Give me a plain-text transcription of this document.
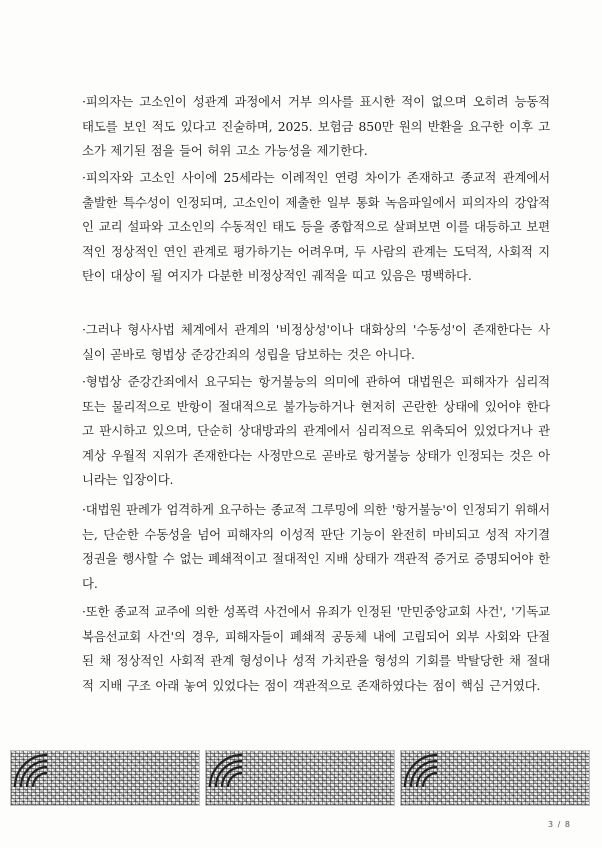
·피의자는 고소인이 성관계 과정에서 거부 의사를 표시한 적이 없으며 오히려 능동적 태도를 보인 적도 있다고 진술하며, 2025. 보험금 850만 원의 반환을 요구한 이후 고소가 제기된 점을 들어 허위 고소 가능성을 제기한다.

·피의자와 고소인 사이에 25세라는 이례적인 연령 차이가 존재하고 종교적 관계에서 출발한 특수성이 인정되며, 고소인이 제출한 일부 통화 녹음파일에서 피의자의 강압적인 교리 설파와 고소인의 수동적인 태도 등을 종합적으로 살펴보면 이를 대등하고 보편적인 정상적인 연인 관계로 평가하기는 어려우며, 두 사람의 관계는 도덕적, 사회적 지탄이 대상이 될 여지가 다분한 비정상적인 궤적을 띠고 있음은 명백하다.

·그러나 형사사법 체계에서 관계의 '비정상성'이나 대화상의 '수동성'이 존재한다는 사실이 곧바로 형법상 준강간죄의 성립을 담보하는 것은 아니다.

·형법상 준강간죄에서 요구되는 항거불능의 의미에 관하여 대법원은 피해자가 심리적 또는 물리적으로 반항이 절대적으로 불가능하거나 현저히 곤란한 상태에 있어야 한다고 판시하고 있으며, 단순히 상대방과의 관계에서 심리적으로 위축되어 있었다거나 관계상 우월적 지위가 존재한다는 사정만으로 곧바로 항거불능 상태가 인정되는 것은 아니라는 입장이다.

·대법원 판례가 엄격하게 요구하는 종교적 그루밍에 의한 '항거불능'이 인정되기 위해서는, 단순한 수동성을 넘어 피해자의 이성적 판단 기능이 완전히 마비되고 성적 자기결정권을 행사할 수 없는 폐쇄적이고 절대적인 지배 상태가 객관적 증거로 증명되어야 한다.

·또한 종교적 교주에 의한 성폭력 사건에서 유죄가 인정된 '만민중앙교회 사건', '기독교복음선교회 사건'의 경우, 피해자들이 폐쇄적 공동체 내에 고립되어 외부 사회와 단절된 채 정상적인 사회적 관계 형성이나 성적 가치관을 형성의 기회를 박탈당한 채 절대적 지배 구조 아래 놓여 있었다는 점이 객관적으로 존재하였다는 점이 핵심 근거였다.

3 / 8
